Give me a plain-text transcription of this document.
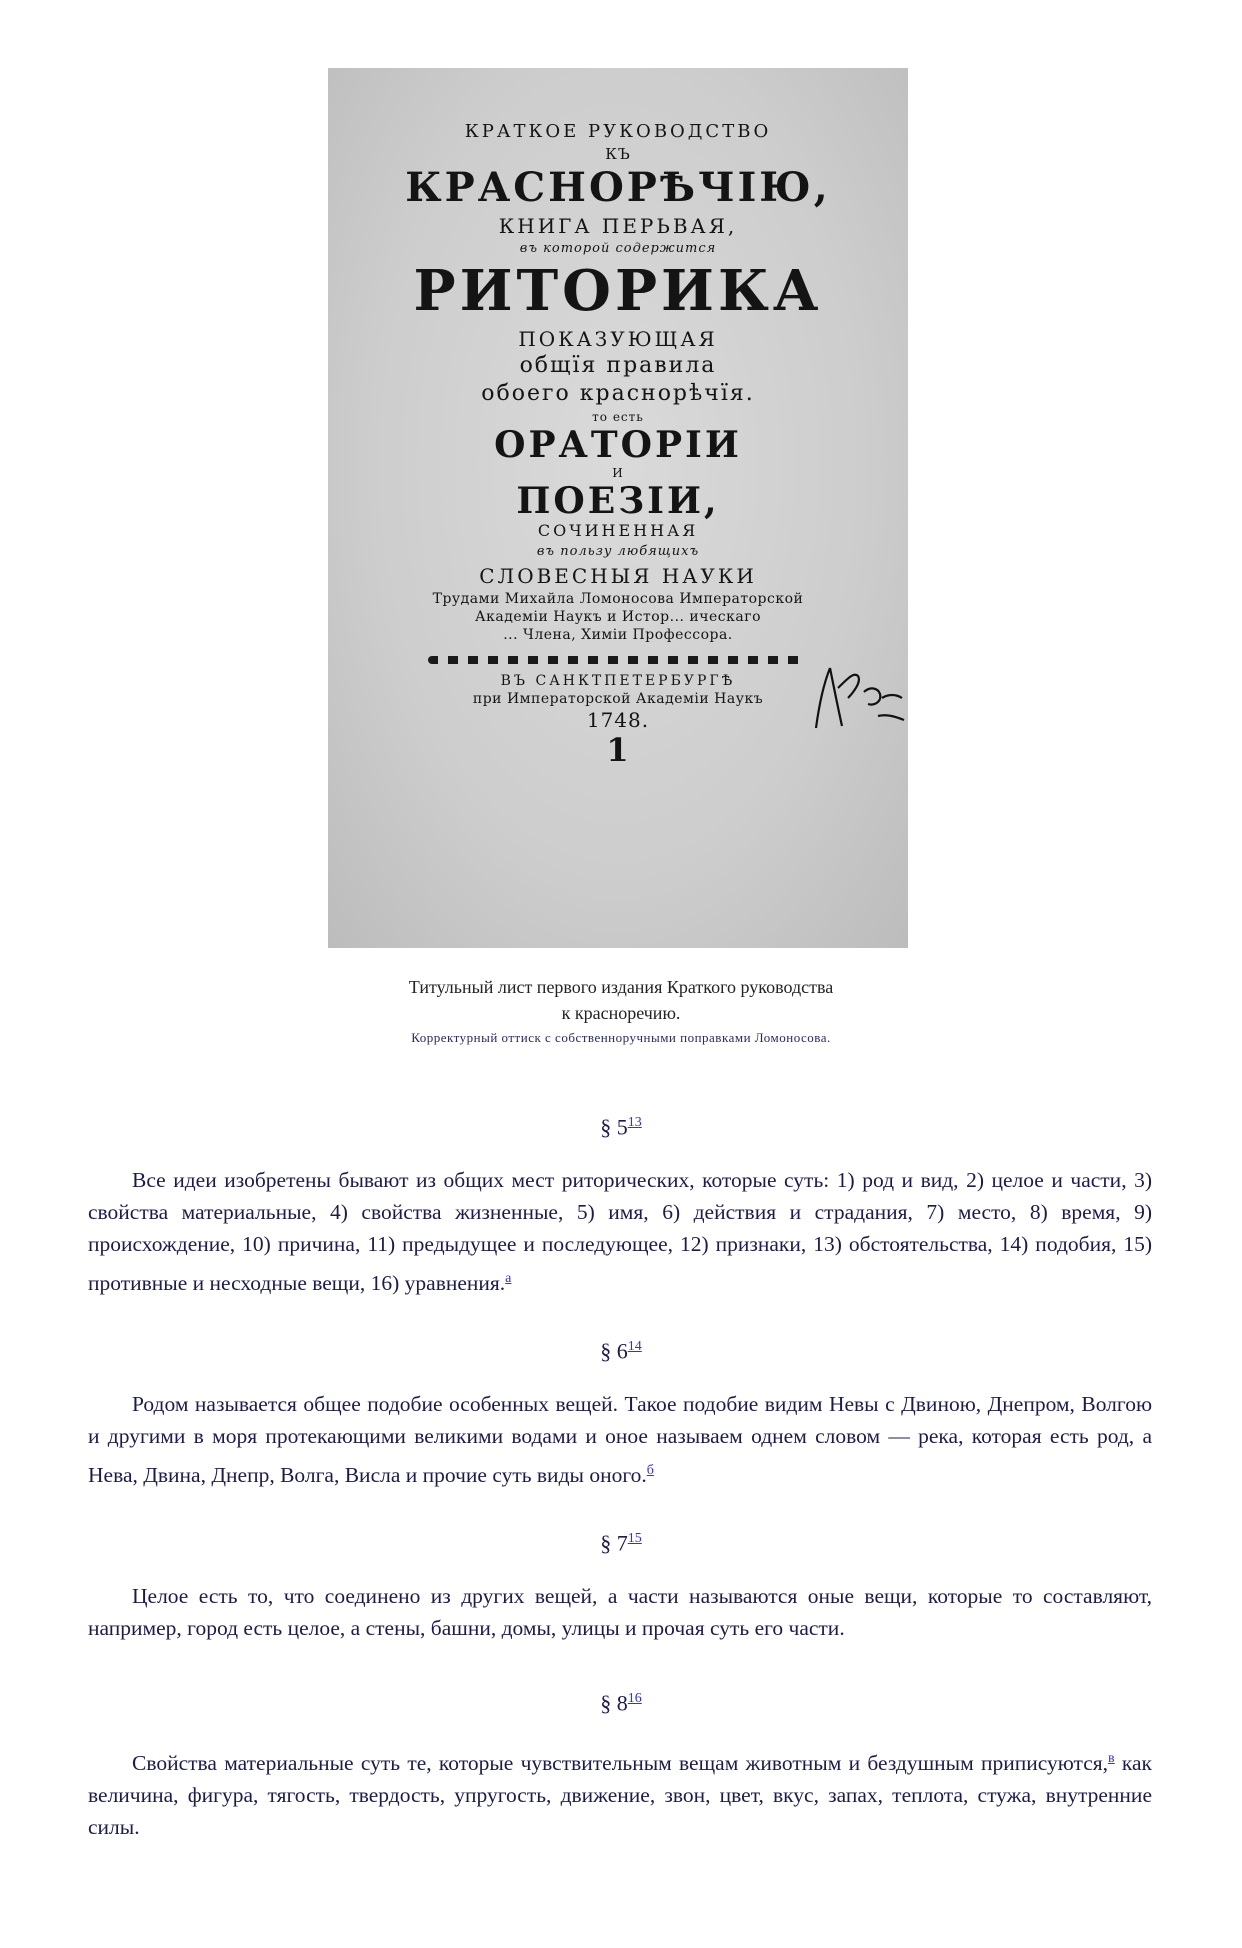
КРАТКОЕ РУКОВОДСТВО
КЪ
КРАСНОРѢЧІЮ,
КНИГА ПЕРЬВАЯ,
въ которой содержится
РИТОРИКА
ПОКАЗУЮЩАЯ
общїя правила
обоего краснорѣчїя.
то есть
ОРАТОРІИ
И
ПОЕЗІИ,
СОЧИНЕННАЯ
въ пользу любящихъ
СЛОВЕСНЫЯ НАУКИ
Трудами Михайла Ломоносова Императорской
Академіи Наукъ и Истор... ическаго
... Члена, Химіи Профессора.
ВЪ САНКТПЕТЕРБУРГѢ
при Императорской Академіи Наукъ
1748.
1
Титульный лист первого издания Краткого руководства
к красноречию.
Корректурный оттиск с собственноручными поправками Ломоносова.
§ 5$^{13}$
Все идеи изобретены бывают из общих мест риторических, которые суть: 1) род и вид, 2) целое и части, 3) свойства материальные, 4) свойства жизненные, 5) имя, 6) действия и страдания, 7) место, 8) время, 9) происхождение, 10) причина, 11) предыдущее и последующее, 12) признаки, 13) обстоятельства, 14) подобия, 15) противные и несходные вещи, 16) уравнения.$^а$
§ 6$^{14}$
Родом называется общее подобие особенных вещей. Такое подобие видим Невы с Двиною, Днепром, Волгою и другими в моря протекающими великими водами и оное называем однем словом — река, которая есть род, а Нева, Двина, Днепр, Волга, Висла и прочие суть виды оного.$^б$
§ 7$^{15}$
Целое есть то, что соединено из других вещей, а части называются оные вещи, которые то составляют, например, город есть целое, а стены, башни, домы, улицы и прочая суть его части.
§ 8$^{16}$
Свойства материальные суть те, которые чувствительным вещам животным и бездушным приписуются,$^в$ как величина, фигура, тягость, твердость, упругость, движение, звон, цвет, вкус, запах, теплота, стужа, внутренние силы.
